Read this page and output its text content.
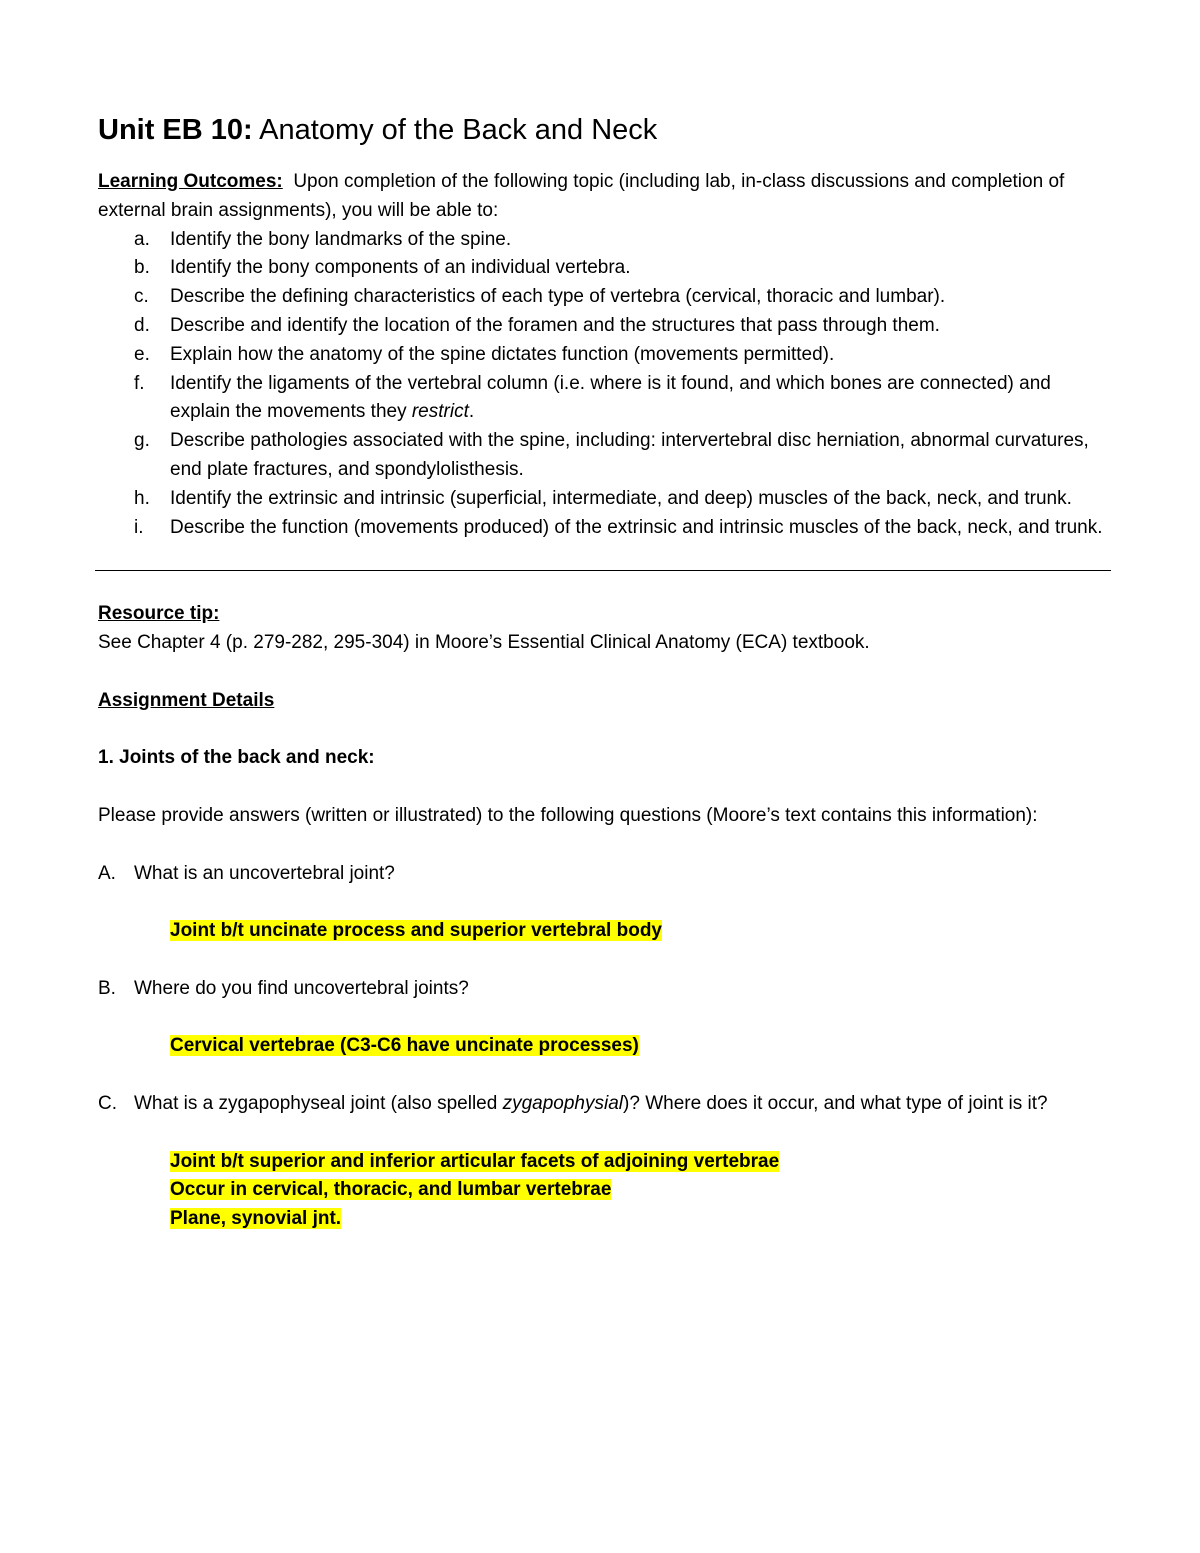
Unit EB 10: Anatomy of the Back and Neck

Learning Outcomes: Upon completion of the following topic (including lab, in-class discussions and completion of external brain assignments), you will be able to:

a. Identify the bony landmarks of the spine.
b. Identify the bony components of an individual vertebra.
c. Describe the defining characteristics of each type of vertebra (cervical, thoracic and lumbar).
d. Describe and identify the location of the foramen and the structures that pass through them.
e. Explain how the anatomy of the spine dictates function (movements permitted).
f. Identify the ligaments of the vertebral column (i.e. where is it found, and which bones are connected) and explain the movements they restrict.
g. Describe pathologies associated with the spine, including: intervertebral disc herniation, abnormal curvatures, end plate fractures, and spondylolisthesis.
h. Identify the extrinsic and intrinsic (superficial, intermediate, and deep) muscles of the back, neck, and trunk.
i. Describe the function (movements produced) of the extrinsic and intrinsic muscles of the back, neck, and trunk.

Resource tip:

See Chapter 4 (p. 279-282, 295-304) in Moore’s Essential Clinical Anatomy (ECA) textbook.

Assignment Details

1. Joints of the back and neck:

Please provide answers (written or illustrated) to the following questions (Moore’s text contains this information):

A. What is an uncovertebral joint?
Joint b/t uncinate process and superior vertebral body
B. Where do you find uncovertebral joints?
Cervical vertebrae (C3-C6 have uncinate processes)
C. What is a zygapophyseal joint (also spelled zygapophysial)? Where does it occur, and what type of joint is it?
Joint b/t superior and inferior articular facets of adjoining vertebrae
Occur in cervical, thoracic, and lumbar vertebrae
Plane, synovial jnt.
